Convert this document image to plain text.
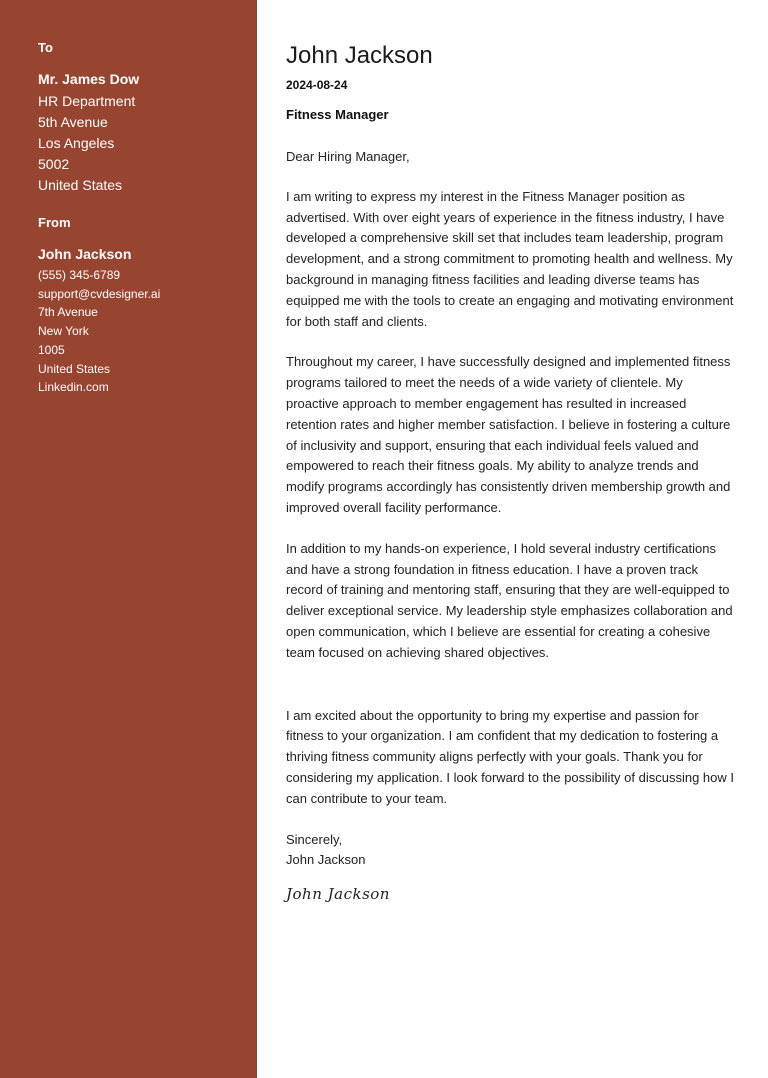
To
Mr. James Dow
HR Department
5th Avenue
Los Angeles
5002
United States
From
John Jackson
(555) 345-6789
support@cvdesigner.ai
7th Avenue
New York
1005
United States
Linkedin.com
John Jackson
2024-08-24
Fitness Manager
Dear Hiring Manager,

I am writing to express my interest in the Fitness Manager position as advertised. With over eight years of experience in the fitness industry, I have developed a comprehensive skill set that includes team leadership, program development, and a strong commitment to promoting health and wellness. My background in managing fitness facilities and leading diverse teams has equipped me with the tools to create an engaging and motivating environment for both staff and clients.

Throughout my career, I have successfully designed and implemented fitness programs tailored to meet the needs of a wide variety of clientele. My proactive approach to member engagement has resulted in increased retention rates and higher member satisfaction. I believe in fostering a culture of inclusivity and support, ensuring that each individual feels valued and empowered to reach their fitness goals. My ability to analyze trends and modify programs accordingly has consistently driven membership growth and improved overall facility performance.

In addition to my hands-on experience, I hold several industry certifications and have a strong foundation in fitness education. I have a proven track record of training and mentoring staff, ensuring that they are well-equipped to deliver exceptional service. My leadership style emphasizes collaboration and open communication, which I believe are essential for creating a cohesive team focused on achieving shared objectives.

I am excited about the opportunity to bring my expertise and passion for fitness to your organization. I am confident that my dedication to fostering a thriving fitness community aligns perfectly with your goals. Thank you for considering my application. I look forward to the possibility of discussing how I can contribute to your team.

Sincerely,
John Jackson
John Jackson
